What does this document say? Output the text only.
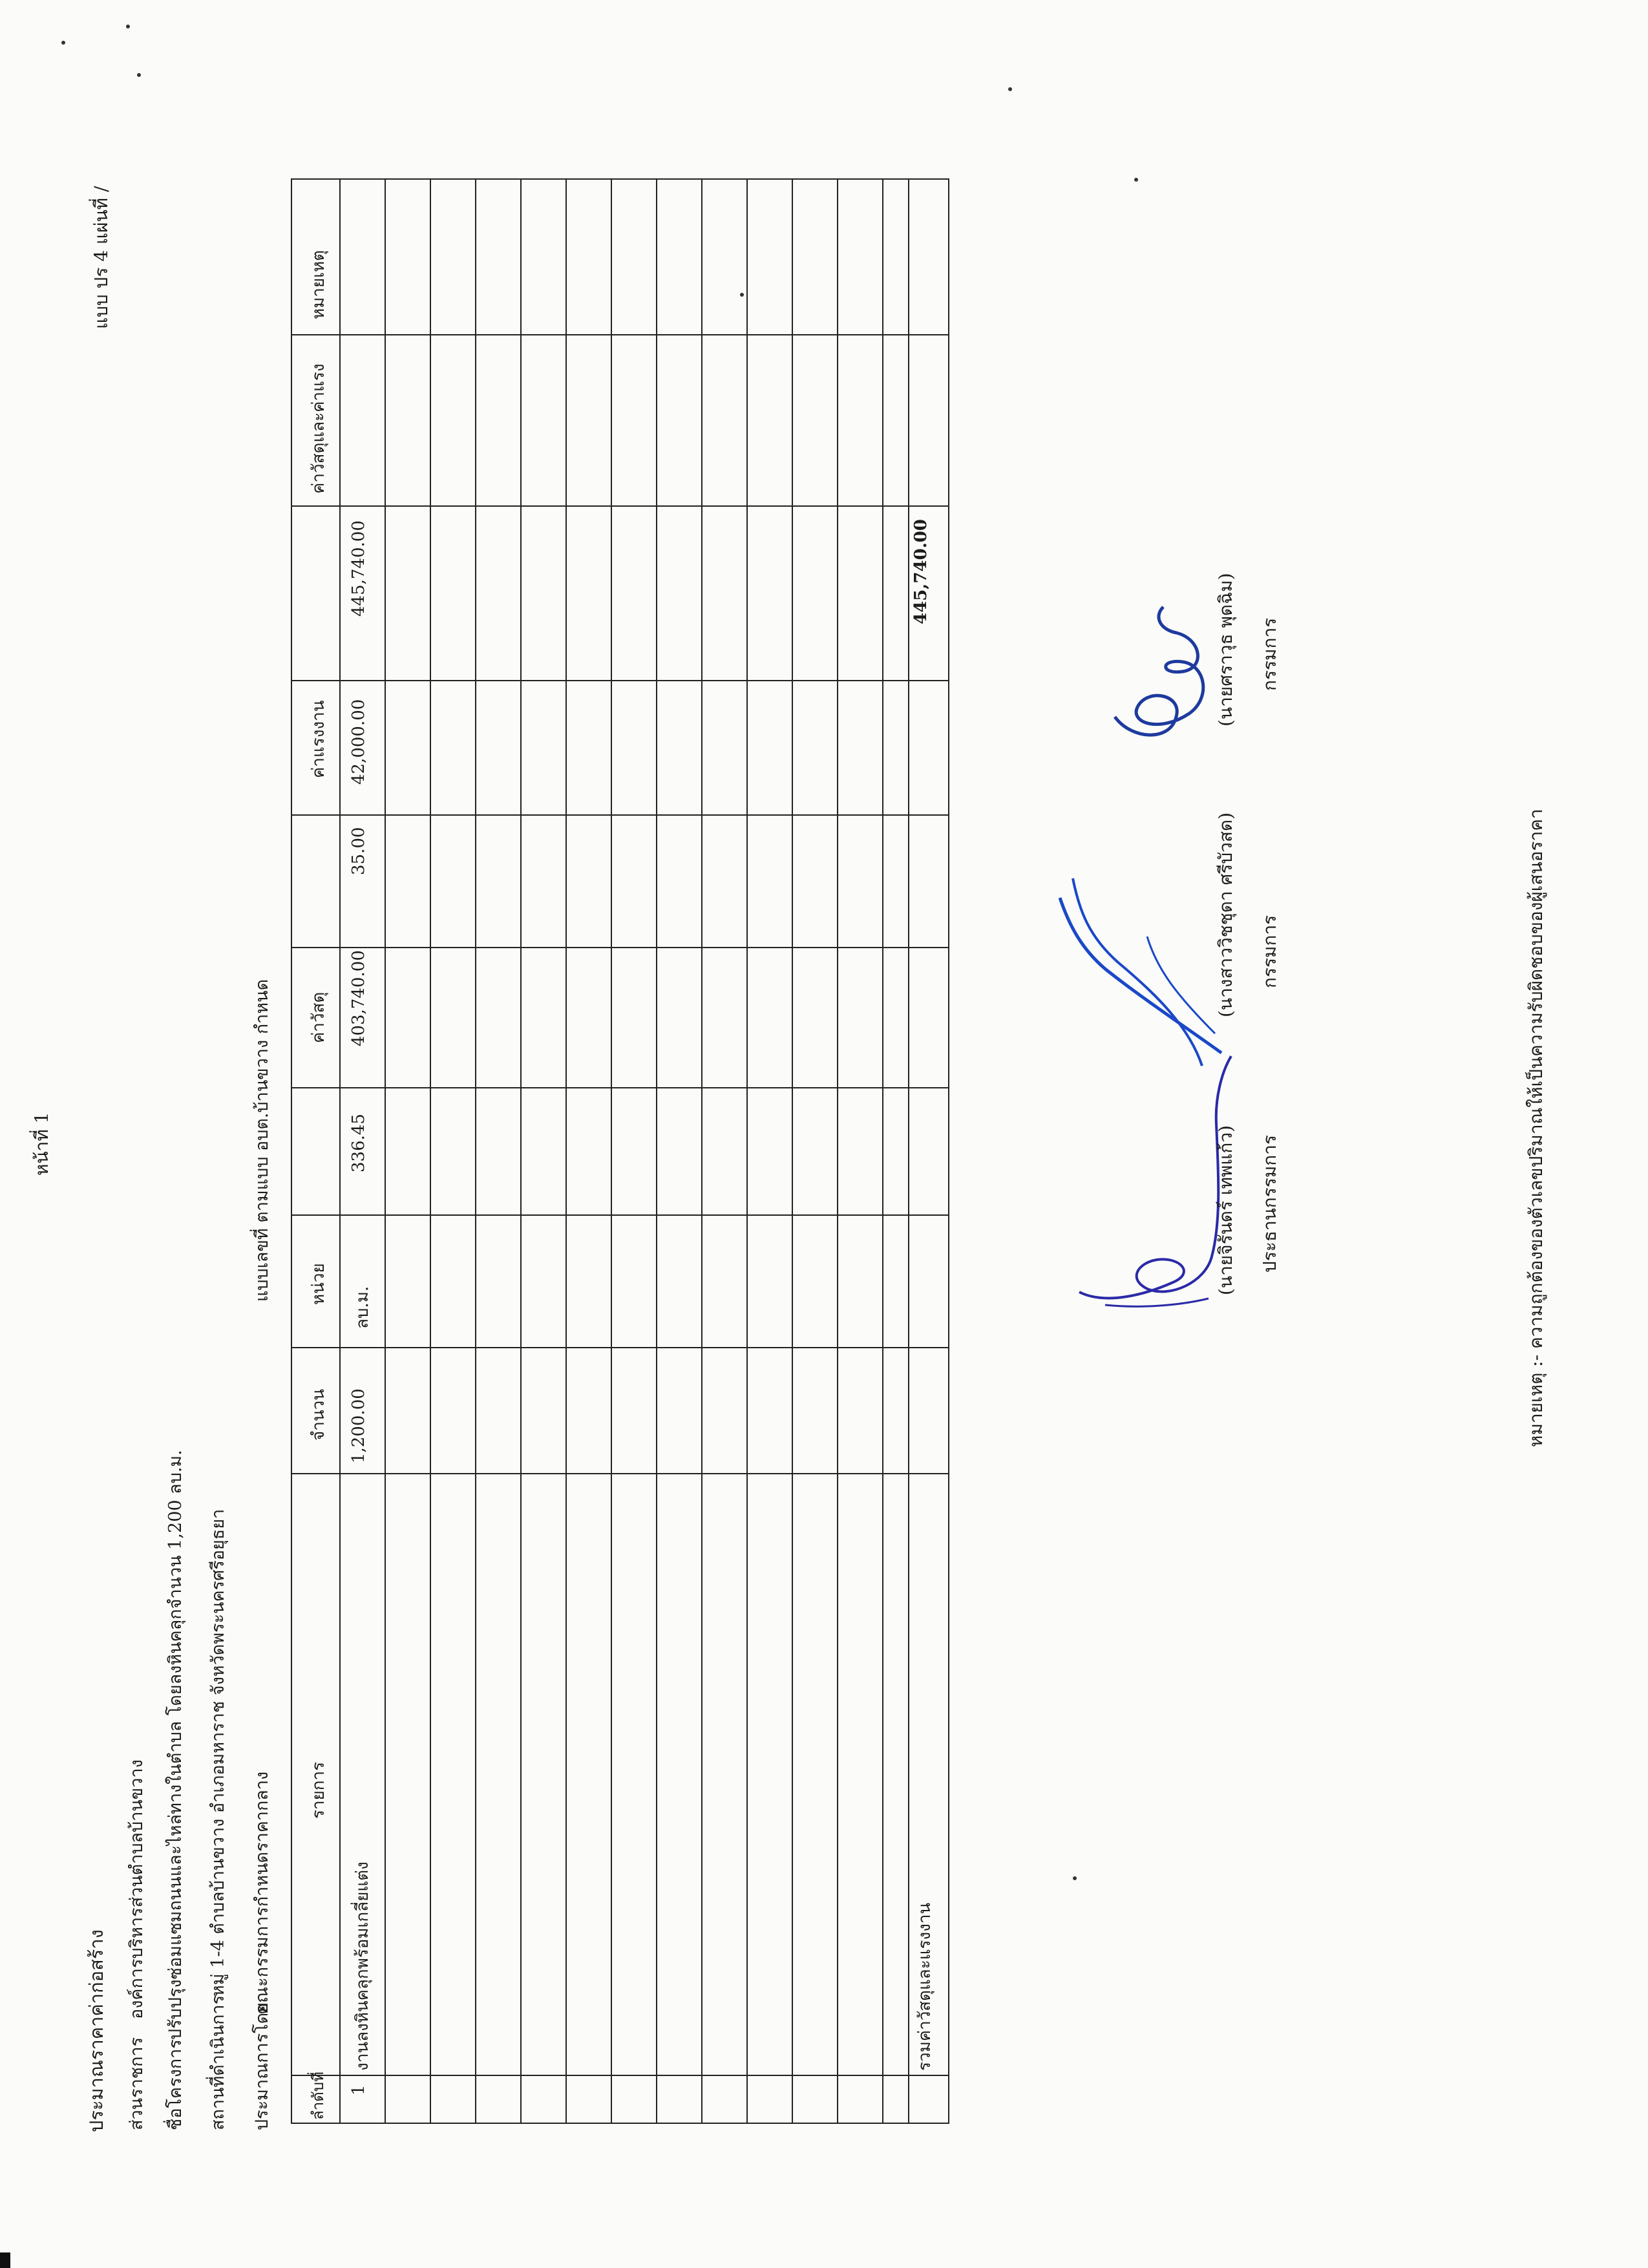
หน้าที่ 1
แบบ ปร 4 แผ่นที่ /
ประมาณราคาค่าก่อสร้าง ส่วนราชการ
องค์การบริหารส่วนตำบลบ้านขวาง
ชื่อโครงการ
ปรับปรุงซ่อมแซมถนนและไหล่ทางในตำบล โดยลงหินคลุกจำนวน 1,200 ลบ.ม.
สถานที่ดำเนินการ
หมู่ 1-4 ตำบลบ้านขวาง อำเภอมหาราช จังหวัดพระนครศรีอยุธยา
ประมาณการโดย
คณะกรรมการกำหนดราคากลาง
แบบเลขที่ ตามแบบ อบต.บ้านขวาง กำหนด
ลำดับที่
รายการ
จำนวน
หน่วย
ค่าวัสดุ
ค่าแรงงาน
ค่าวัสดุและค่าแรง
หมายเหตุ
1
งานลงหินคลุกพร้อมเกลี่ยแต่ง
1,200.00
ลบ.ม.
336.45
403,740.00
35.00
42,000.00
445,740.00
รวมค่าวัสดุและแรงงาน
445,740.00
(นายจิรันดร์ เทพแก้ว) ประธานกรรมการ
(นางสาววิชชุดา ศรีบัวสด) กรรมการ
(นายศราวุธ พุดฉิม) กรรมการ
หมายเหตุ :- ความถูกต้องของตัวเลขปริมาณให้เป็นความรับผิดชอบของผู้เสนอราคา
